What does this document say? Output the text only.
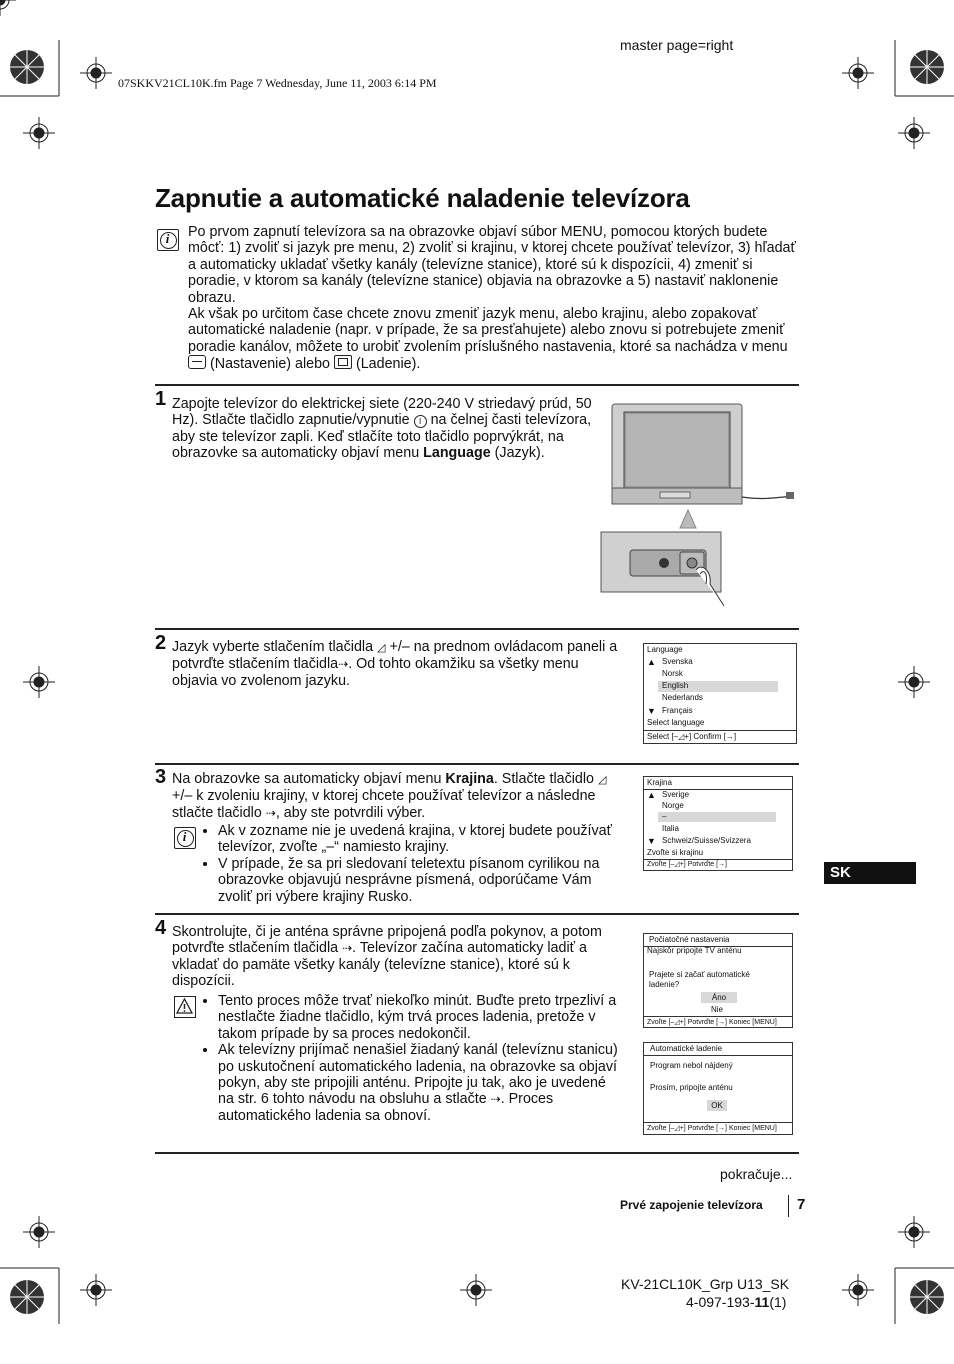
master page=right
07SKKV21CL10K.fm Page 7 Wednesday, June 11, 2003 6:14 PM
Zapnutie a automatické naladenie televízora
i	Po prvom zapnutí televízora sa na obrazovke objaví súbor MENU, pomocou ktorých budete môcť: 1) zvoliť si jazyk pre menu, 2) zvoliť si krajinu, v ktorej chcete používať televízor, 3) hľadať a automaticky ukladať všetky kanály (televízne stanice), ktoré sú k dispozícii, 4) zmeniť si poradie, v ktorom sa kanály (televízne stanice) objavia na obrazovke a 5) nastaviť naklonenie obrazu.

Ak však po určitom čase chcete znovu zmeniť jazyk menu, alebo krajinu, alebo zopakovať automatické naladenie (napr. v prípade, že sa presťahujete) alebo znovu si potrebujete zmeniť poradie kanálov, môžete to urobiť zvolením príslušného nastavenia, ktoré sa nachádza v menu
(Nastavenie) alebo (Ladenie).

1 Zapojte televízor do elektrickej siete (220-240 V striedavý prúd, 50 Hz). Stlačte tlačidlo zapnutie/vypnutie I na čelnej časti televízora, aby ste televízor zapli. Keď stlačíte toto tlačidlo poprvýkrát, na obrazovke sa automaticky objaví menu Language (Jazyk).
2 Jazyk vyberte stlačením tlačidla ◿ +/– na prednom ovládacom paneli a potvrďte stlačením tlačidla⇢. Od tohto okamžiku sa všetky menu objavia vo zvolenom jazyku.
Language
▲ Svenska
Norsk
English
Nederlands
▼ Français
Select language
Select [–◿+] Confirm [→]
3 Na obrazovke sa automaticky objaví menu Krajina. Stlačte tlačidlo ◿ +/– k zvoleniu krajiny, v ktorej chcete používať televízor a následne stlačte tlačidlo ⇢, aby ste potvrdili výber.
i
•	Ak v zozname nie je uvedená krajina, v ktorej budete používať televízor, zvoľte „–“ namiesto krajiny.
• V prípade, že sa pri sledovaní teletextu písanom cyrilikou na obrazovke objavujú nesprávne písmená, odporúčame Vám zvoliť pri výbere krajiny Rusko.
Krajina
▲ Sverige
Norge
–
Italia
▼ Schweiz/Suisse/Svizzera
Zvoľte si krajinu
Zvoľte [–◿+] Potvrďte [→]	SK
4 Skontrolujte, či je anténa správne pripojená podľa pokynov, a potom potvrďte stlačením tlačidla ⇢. Televízor začína automaticky ladiť a vkladať do pamäte všetky kanály (televízne stanice), ktoré sú k dispozícii.
• Tento proces môže trvať niekoľko minút. Buďte preto trpezliví a nestlačte žiadne tlačidlo, kým trvá proces ladenia, pretože v takom prípade by sa proces nedokončil.
• Ak televízny prijímač nenašiel žiadaný kanál (televíznu stanicu) po uskutočnení automatického ladenia, na obrazovke sa objaví pokyn, aby ste pripojili anténu. Pripojte ju tak, ako je uvedené na str. 6 tohto návodu na obsluhu a stlačte ⇢. Proces automatického ladenia sa obnoví.
Počiatočné nastavenia
Najskôr pripojte TV anténu
Prajete si začať automatické
ladenie?
Áno
Nie
Zvoľte [–◿+] Potvrďte [→] Koniec [MENU]
Automatické ladenie
Program nebol nájdený
Prosím, pripojte anténu
OK
Zvoľte [–◿+] Potvrďte [→] Koniec [MENU]
pokračuje...
Prvé zapojenie televízora 7
KV-21CL10K_Grp U13_SK
4-097-193-11(1)
